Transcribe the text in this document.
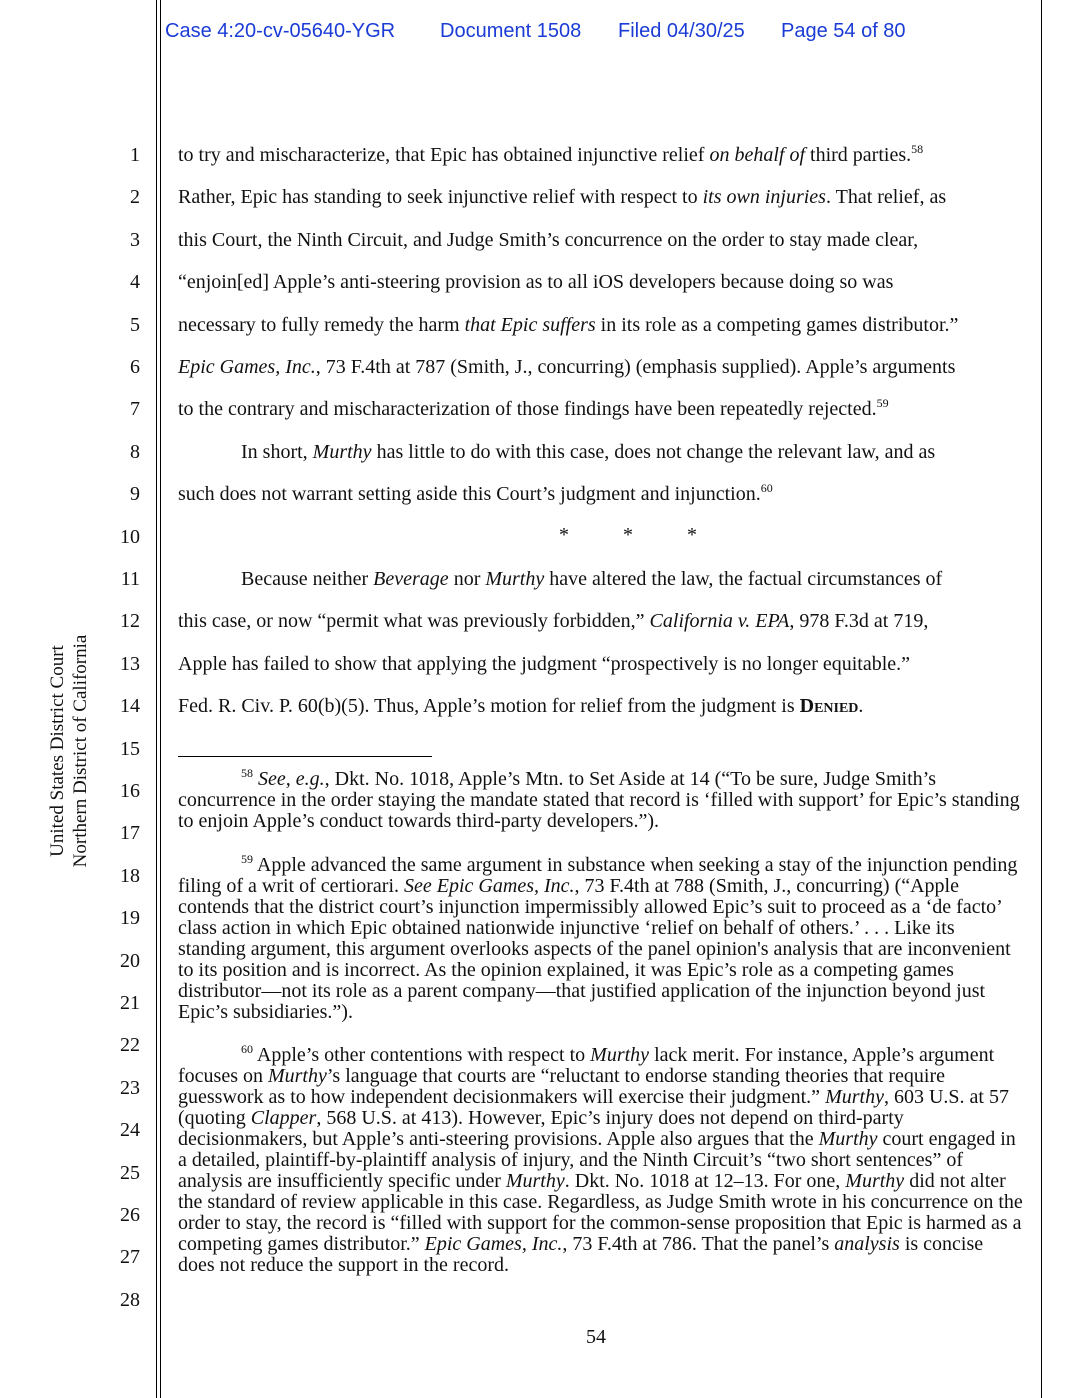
Case 4:20-cv-05640-YGR Document 1508 Filed 04/30/25 Page 54 of 80
United States District Court Northern District of California
1
2
3
4
5
6
7
8
9
10
11
12
13
14
15
16
17
18
19
20
21
22
23
24
25
26
27
28
to try and mischaracterize, that Epic has obtained injunctive relief on behalf of third parties.$^{58}$
Rather, Epic has standing to seek injunctive relief with respect to its own injuries. That relief, as
this Court, the Ninth Circuit, and Judge Smith’s concurrence on the order to stay made clear,
“enjoin[ed] Apple’s anti-steering provision as to all iOS developers because doing so was
necessary to fully remedy the harm that Epic suffers in its role as a competing games distributor.”
Epic Games, Inc., 73 F.4th at 787 (Smith, J., concurring) (emphasis supplied). Apple’s arguments
to the contrary and mischaracterization of those findings have been repeatedly rejected.$^{59}$
In short, Murthy has little to do with this case, does not change the relevant law, and as
such does not warrant setting aside this Court’s judgment and injunction.$^{60}$
*	*	*
Because neither Beverage nor Murthy have altered the law, the factual circumstances of
this case, or now “permit what was previously forbidden,” California v. EPA, 978 F.3d at 719,
Apple has failed to show that applying the judgment “prospectively is no longer equitable.”
Fed. R. Civ. P. 60(b)(5). Thus, Apple’s motion for relief from the judgment is Denied.

$^{58}$ See, e.g., Dkt. No. 1018, Apple’s Mtn. to Set Aside at 14 (“To be sure, Judge Smith’s concurrence in the order staying the mandate stated that record is ‘filled with support’ for Epic’s standing to enjoin Apple’s conduct towards third-party developers.”).

$^{59}$ Apple advanced the same argument in substance when seeking a stay of the injunction pending filing of a writ of certiorari. See Epic Games, Inc., 73 F.4th at 788 (Smith, J., concurring) (“Apple contends that the district court’s injunction impermissibly allowed Epic’s suit to proceed as a ‘de facto’ class action in which Epic obtained nationwide injunctive ‘relief on behalf of others.’ . . . Like its standing argument, this argument overlooks aspects of the panel opinion's analysis that are inconvenient to its position and is incorrect. As the opinion explained, it was Epic’s role as a competing games distributor—not its role as a parent company—that justified application of the injunction beyond just Epic’s subsidiaries.”).

$^{60}$ Apple’s other contentions with respect to Murthy lack merit. For instance, Apple’s argument focuses on Murthy’s language that courts are “reluctant to endorse standing theories that require guesswork as to how independent decisionmakers will exercise their judgment.” Murthy, 603 U.S. at 57 (quoting Clapper, 568 U.S. at 413). However, Epic’s injury does not depend on third-party decisionmakers, but Apple’s anti-steering provisions. Apple also argues that the Murthy court engaged in a detailed, plaintiff-by-plaintiff analysis of injury, and the Ninth Circuit’s “two short sentences” of analysis are insufficiently specific under Murthy. Dkt. No. 1018 at 12–13. For one, Murthy did not alter the standard of review applicable in this case. Regardless, as Judge Smith wrote in his concurrence on the order to stay, the record is “filled with support for the common-sense proposition that Epic is harmed as a competing games distributor.” Epic Games, Inc., 73 F.4th at 786. That the panel’s analysis is concise does not reduce the support in the record.

54
